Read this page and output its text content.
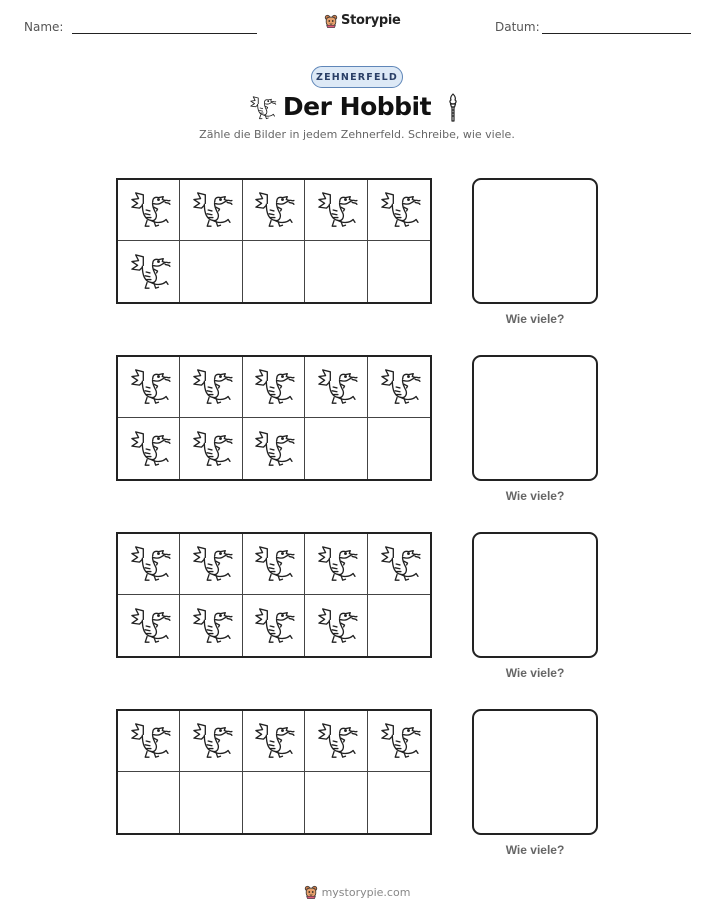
Name:	Storypie	Datum:
ZEHNERFELD
Der Hobbit
Zähle die Bilder in jedem Zehnerfeld. Schreibe, wie viele.
Wie viele?
Wie viele?
Wie viele?
Wie viele?
mystorypie.com
